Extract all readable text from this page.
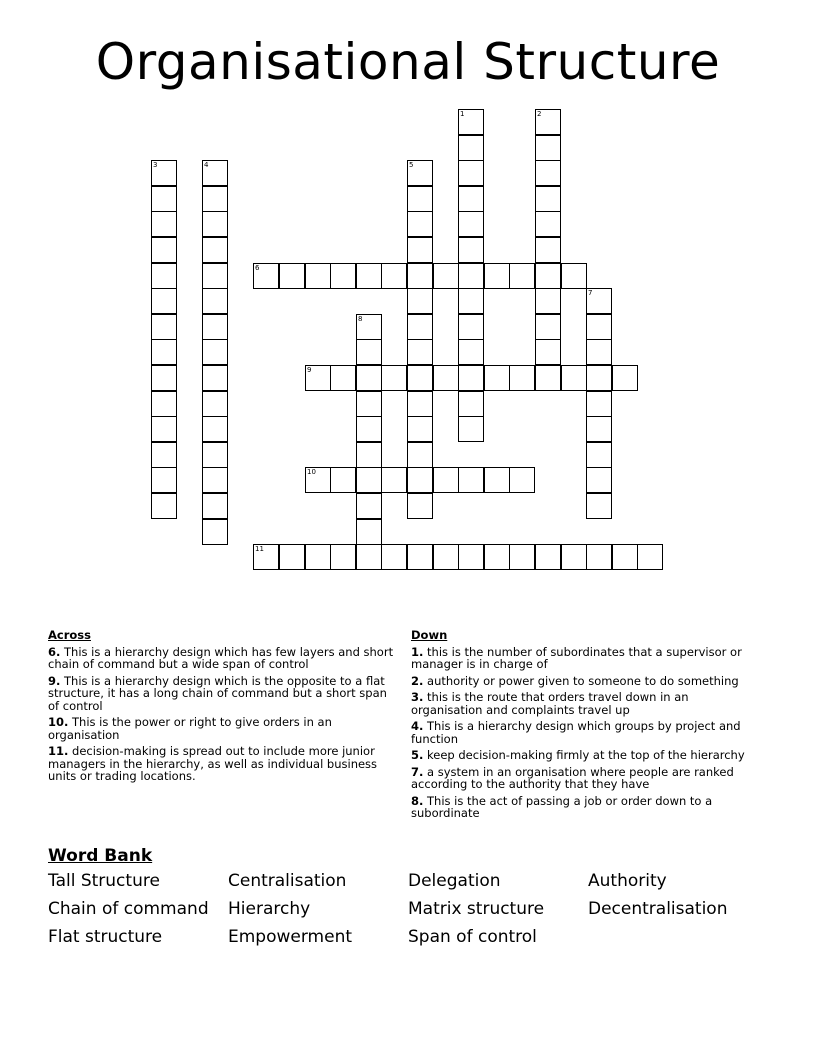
Organisational Structure
1	2
3	4	5
6
7
8
9
10
11
Across
6. This is a hierarchy design which has few layers and short chain of command but a wide span of control
9. This is a hierarchy design which is the opposite to a flat structure, it has a long chain of command but a short span of control
10. This is the power or right to give orders in an organisation
11. decision-making is spread out to include more junior managers in the hierarchy, as well as individual business units or trading locations.
Down
1. this is the number of subordinates that a supervisor or manager is in charge of
2. authority or power given to someone to do something
3. this is the route that orders travel down in an organisation and complaints travel up
4. This is a hierarchy design which groups by project and function
5. keep decision-making firmly at the top of the hierarchy
7. a system in an organisation where people are ranked according to the authority that they have
8. This is the act of passing a job or order down to a subordinate
Word Bank
Tall Structure	Centralisation	Delegation	Authority
Chain of command	Hierarchy	Matrix structure	Decentralisation
Flat structure	Empowerment	Span of control
